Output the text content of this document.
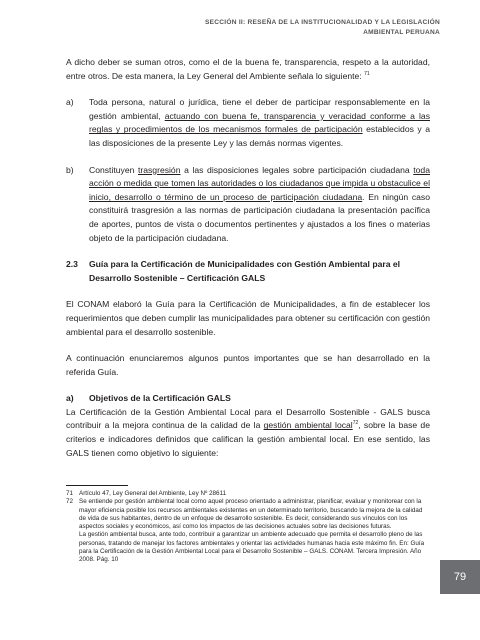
SECCIÓN II: RESEÑA DE LA INSTITUCIONALIDAD Y LA LEGISLACIÓN
AMBIENTAL PERUANA

A dicho deber se suman otros, como el de la buena fe, transparencia, respeto a la autoridad, entre otros. De esta manera, la Ley General del Ambiente señala lo siguiente: $^{71}$

a)	Toda persona, natural o jurídica, tiene el deber de participar responsablemente en la gestión ambiental, actuando con buena fe, transparencia y veracidad conforme a las reglas y procedimientos de los mecanismos formales de participación establecidos y a las disposiciones de la presente Ley y las demás normas vigentes.
b)	Constituyen trasgresión a las disposiciones legales sobre participación ciudadana toda acción o medida que tomen las autoridades o los ciudadanos que impida u obstaculice el inicio, desarrollo o término de un proceso de participación ciudadana. En ningún caso constituirá trasgresión a las normas de participación ciudadana la presentación pacífica de aportes, puntos de vista o documentos pertinentes y ajustados a los fines o materias objeto de la participación ciudadana.
2.3	Guía para la Certificación de Municipalidades con Gestión Ambiental para el Desarrollo Sostenible – Certificación GALS

El CONAM elaboró la Guía para la Certificación de Municipalidades, a fin de establecer los requerimientos que deben cumplir las municipalidades para obtener su certificación con gestión ambiental para el desarrollo sostenible.

A continuación enunciaremos algunos puntos importantes que se han desarrollado en la referida Guía.

a)	Objetivos de la Certificación GALS

La Certificación de la Gestión Ambiental Local para el Desarrollo Sostenible - GALS busca contribuir a la mejora continua de la calidad de la gestión ambiental local$^{72}$, sobre la base de criterios e indicadores definidos que califican la gestión ambiental local. En ese sentido, las GALS tienen como objetivo lo siguiente:

71 Artículo 47, Ley General del Ambiente, Ley Nº 28611
72 Se entiende por gestión ambiental local como aquel proceso orientado a administrar, planificar, evaluar y monitorear con la mayor eficiencia posible los recursos ambientales existentes en un determinado territorio, buscando la mejora de la calidad de vida de sus habitantes, dentro de un enfoque de desarrollo sostenible. Es decir, considerando sus vínculos con los aspectos sociales y económicos, así como los impactos de las decisiones actuales sobre las decisiones futuras.
La gestión ambiental busca, ante todo, contribuir a garantizar un ambiente adecuado que permita el desarrollo pleno de las personas, tratando de manejar los factores ambientales y orientar las actividades humanas hacia este máximo fin. En: Guía para la Certificación de la Gestión Ambiental Local para el Desarrollo Sostenible – GALS. CONAM. Tercera Impresión. Año 2008. Pág. 10
79
